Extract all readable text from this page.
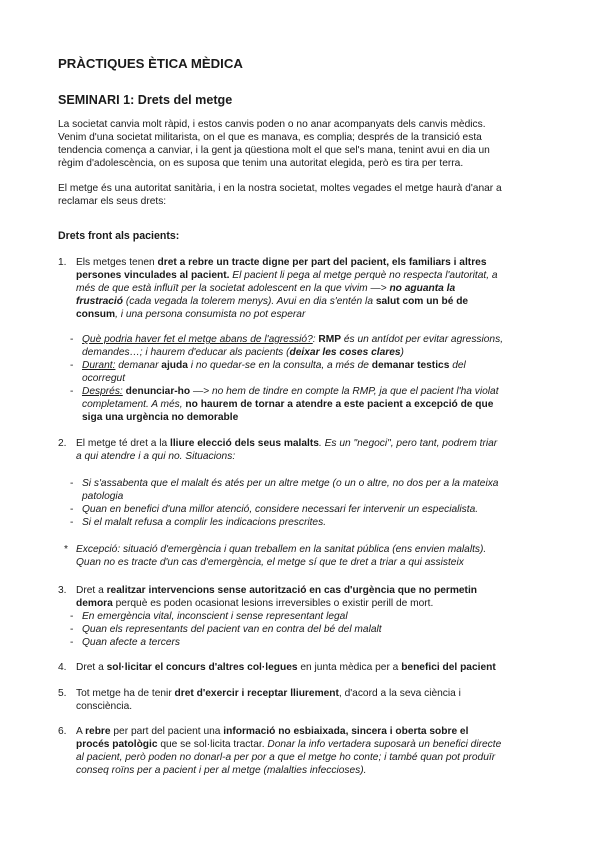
PRÀCTIQUES ÈTICA MÈDICA
SEMINARI 1: Drets del metge
La societat canvia molt ràpid, i estos canvis poden o no anar acompanyats dels canvis mèdics.
Venim d'una societat militarista, on el que es manava, es complia; després de la transició esta
tendencia comença a canviar, i la gent ja qüestiona molt el que sel's mana, tenint avui en dia un
règim d'adolescència, on es suposa que tenim una autoritat elegida, però es tira per terra.
El metge és una autoritat sanitària, i en la nostra societat, moltes vegades el metge haurà d'anar a
reclamar els seus drets:
Drets front als pacients:
1. Els metges tenen dret a rebre un tracte digne per part del pacient, els familiars i altres
persones vinculades al pacient. El pacient li pega al metge perquè no respecta l'autoritat, a
més de que està influït per la societat adolescent en la que vivim —> no aguanta la
frustració (cada vegada la tolerem menys). Avui en dia s'entén la salut com un bé de
consum, i una persona consumista no pot esperar
- Què podria haver fet el metge abans de l'agressió?: RMP és un antídot per evitar agressions,
demandes…; i haurem d'educar als pacients (deixar les coses clares)
- Durant: demanar ajuda i no quedar-se en la consulta, a més de demanar testics del
ocorregut
- Després: denunciar-ho —> no hem de tindre en compte la RMP, ja que el pacient l'ha violat
completament. A més, no haurem de tornar a atendre a este pacient a excepció de que
siga una urgència no demorable
2. El metge té dret a la lliure elecció dels seus malalts. Es un "negoci", pero tant, podrem triar
a qui atendre i a qui no. Situacions:
- Si s'assabenta que el malalt és atés per un altre metge (o un o altre, no dos per a la mateixa
patologia
- Quan en benefici d'una millor atenció, considere necessari fer intervenir un especialista.
- Si el malalt refusa a complir les indicacions prescrites.
* Excepció: situació d'emergència i quan treballem en la sanitat pública (ens envien malalts).
Quan no es tracte d'un cas d'emergència, el metge sí que te dret a triar a qui assisteix
3. Dret a realitzar intervencions sense autorització en cas d'urgència que no permetin
demora perquè es poden ocasionat lesions irreversibles o existir perill de mort.
- En emergència vital, inconscient i sense representant legal
- Quan els representants del pacient van en contra del bé del malalt
- Quan afecte a tercers
4. Dret a sol·licitar el concurs d'altres col·legues en junta mèdica per a benefici del pacient
5. Tot metge ha de tenir dret d'exercir i receptar lliurement, d'acord a la seva ciència i
consciència.
6. A rebre per part del pacient una informació no esbiaixada, sincera i oberta sobre el
procés patològic que se sol·licita tractar. Donar la info vertadera suposarà un benefici directe
al pacient, però poden no donarl-a per por a que el metge ho conte; i també quan pot produïr
conseq roïns per a pacient i per al metge (malalties infeccioses).
